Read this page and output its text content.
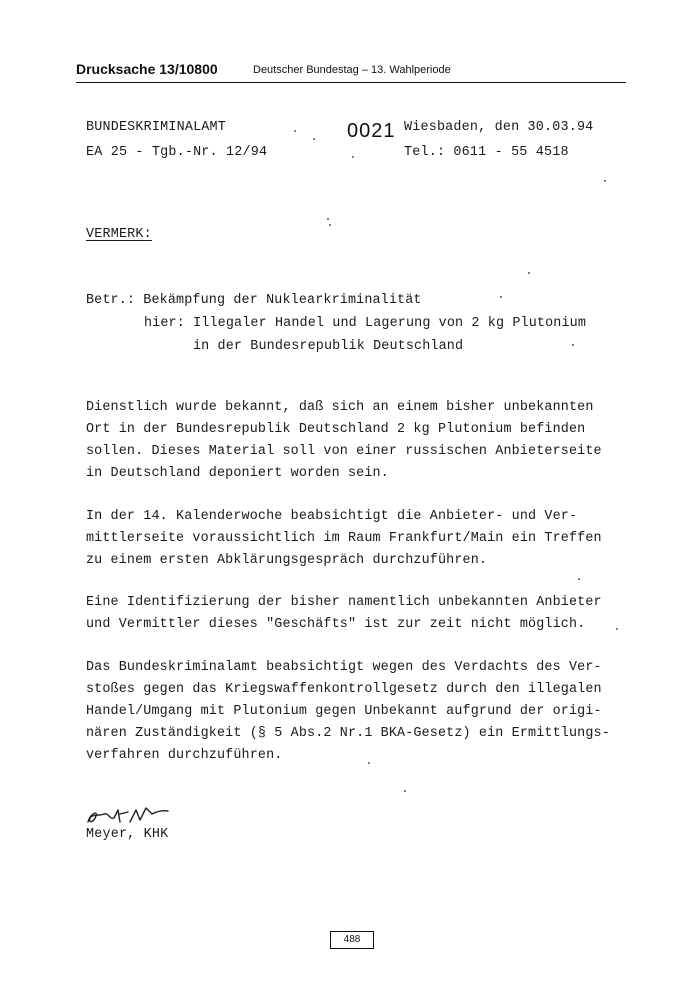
Drucksache 13/10800	Deutscher Bundestag – 13. Wahlperiode
BUNDESKRIMINALAMT
EA 25 - Tgb.-Nr. 12/94
0021 Wiesbaden, den 30.03.94
Tel.: 0611 - 55 4518
VERMERK:
Betr.: Bekämpfung der Nuklearkriminalität
hier: Illegaler Handel und Lagerung von 2 kg Plutonium
in der Bundesrepublik Deutschland
Dienstlich wurde bekannt, daß sich an einem bisher unbekannten
Ort in der Bundesrepublik Deutschland 2 kg Plutonium befinden
sollen. Dieses Material soll von einer russischen Anbieterseite
in Deutschland deponiert worden sein.
In der 14. Kalenderwoche beabsichtigt die Anbieter- und Ver-
mittlerseite voraussichtlich im Raum Frankfurt/Main ein Treffen
zu einem ersten Abklärungsgespräch durchzuführen.
Eine Identifizierung der bisher namentlich unbekannten Anbieter
und Vermittler dieses "Geschäfts" ist zur zeit nicht möglich.
Das Bundeskriminalamt beabsichtigt wegen des Verdachts des Ver-
stoßes gegen das Kriegswaffenkontrollgesetz durch den illegalen
Handel/Umgang mit Plutonium gegen Unbekannt aufgrund der origi-
nären Zuständigkeit (§ 5 Abs.2 Nr.1 BKA-Gesetz) ein Ermittlungs-
verfahren durchzuführen.
Meyer, KHK
488
